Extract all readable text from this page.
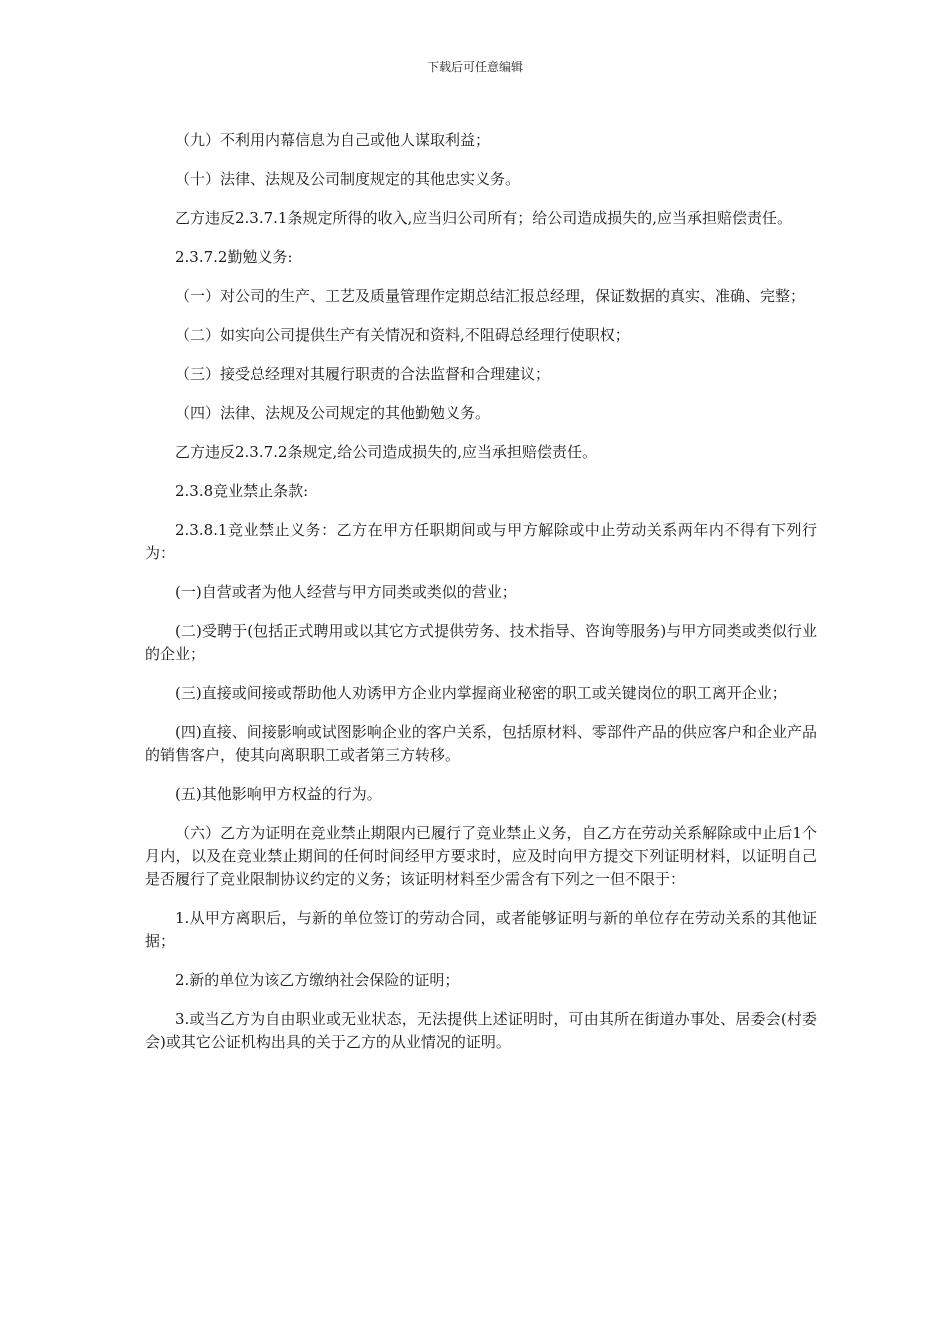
下载后可任意编辑

（九）不利用内幕信息为自己或他人谋取利益；

（十）法律、法规及公司制度规定的其他忠实义务。

乙方违反2.3.7.1条规定所得的收入,应当归公司所有；给公司造成损失的,应当承担赔偿责任。

2.3.7.2勤勉义务:

（一）对公司的生产、工艺及质量管理作定期总结汇报总经理，保证数据的真实、准确、完整；

（二）如实向公司提供生产有关情况和资料,不阻碍总经理行使职权；

（三）接受总经理对其履行职责的合法监督和合理建议；

（四）法律、法规及公司规定的其他勤勉义务。

乙方违反2.3.7.2条规定,给公司造成损失的,应当承担赔偿责任。

2.3.8竞业禁止条款:

2.3.8.1竞业禁止义务：乙方在甲方任职期间或与甲方解除或中止劳动关系两年内不得有下列行为：

(一)自营或者为他人经营与甲方同类或类似的营业；

(二)受聘于(包括正式聘用或以其它方式提供劳务、技术指导、咨询等服务)与甲方同类或类似行业的企业；

(三)直接或间接或帮助他人劝诱甲方企业内掌握商业秘密的职工或关键岗位的职工离开企业；

(四)直接、间接影响或试图影响企业的客户关系，包括原材料、零部件产品的供应客户和企业产品的销售客户，使其向离职职工或者第三方转移。

(五)其他影响甲方权益的行为。

（六）乙方为证明在竞业禁止期限内已履行了竞业禁止义务，自乙方在劳动关系解除或中止后1个月内，以及在竞业禁止期间的任何时间经甲方要求时，应及时向甲方提交下列证明材料，以证明自己是否履行了竞业限制协议约定的义务；该证明材料至少需含有下列之一但不限于：

1.从甲方离职后，与新的单位签订的劳动合同，或者能够证明与新的单位存在劳动关系的其他证据；

2.新的单位为该乙方缴纳社会保险的证明；

3.或当乙方为自由职业或无业状态，无法提供上述证明时，可由其所在街道办事处、居委会(村委会)或其它公证机构出具的关于乙方的从业情况的证明。
